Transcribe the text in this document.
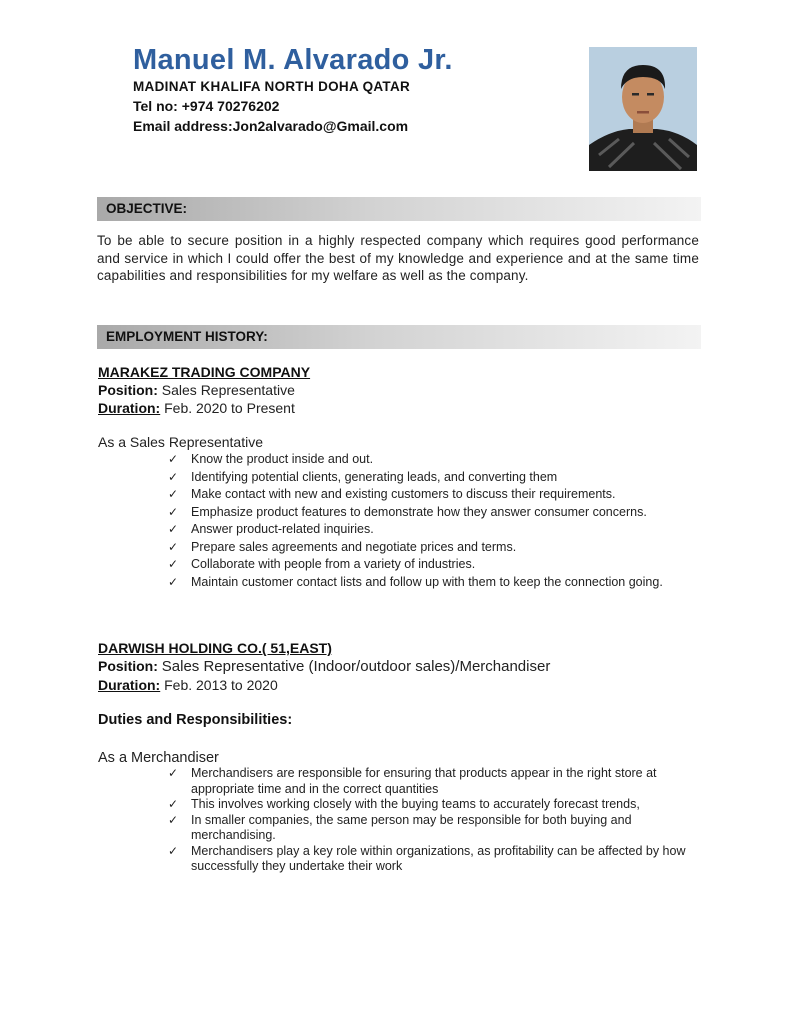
Manuel M. Alvarado Jr.
MADINAT KHALIFA NORTH DOHA QATAR
Tel no: +974 70276202
Email address:Jon2alvarado@Gmail.com
OBJECTIVE:
To be able to secure position in a highly respected company which requires good performance and service in which I could offer the best of my knowledge and experience and at the same time capabilities and responsibilities for my welfare as well as the company.
EMPLOYMENT HISTORY:
MARAKEZ TRADING COMPANY
Position: Sales Representative
Duration: Feb. 2020 to Present
As a Sales Representative
✓ Know the product inside and out.
✓ Identifying potential clients, generating leads, and converting them
✓ Make contact with new and existing customers to discuss their requirements.
✓ Emphasize product features to demonstrate how they answer consumer concerns.
✓ Answer product-related inquiries.
✓ Prepare sales agreements and negotiate prices and terms.
✓ Collaborate with people from a variety of industries.
✓ Maintain customer contact lists and follow up with them to keep the connection going.
DARWISH HOLDING CO.( 51,EAST)
Position: Sales Representative (Indoor/outdoor sales)/Merchandiser
Duration: Feb. 2013 to 2020
Duties and Responsibilities:
As a Merchandiser
✓ Merchandisers are responsible for ensuring that products appear in the right store at appropriate time and in the correct quantities
✓ This involves working closely with the buying teams to accurately forecast trends,
✓ In smaller companies, the same person may be responsible for both buying and merchandising.
✓ Merchandisers play a key role within organizations, as profitability can be affected by how    successfully they undertake their work
